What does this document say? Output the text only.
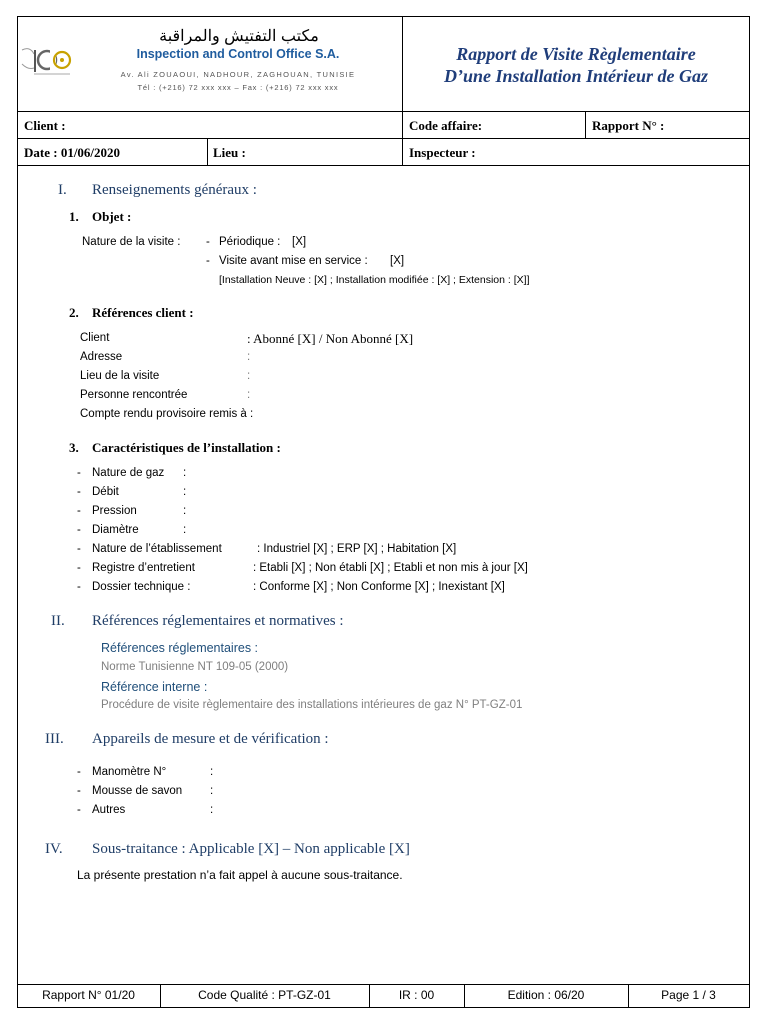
مكتب التفتيش والمراقبة
Inspection and Control Office S.A.
Av. Ali ZOUAOUI, NADHOUR, ZAGHOUAN, TUNISIE
Tél : (+216) 72 xxx xxx – Fax : (+216) 72 xxx xxx
Rapport de Visite Règlementaire
D’une Installation Intérieur de Gaz
Client :	Code affaire:	Rapport N° :
Date : 01/06/2020	Lieu :	Inspecteur :
I. Renseignements généraux :
1. Objet :
Nature de la visite : - Périodique : [X]
- Visite avant mise en service : [X]
[Installation Neuve : [X] ; Installation modifiée : [X] ; Extension : [X]]
2. Références client :
Client	: Abonné [X] / Non Abonné [X]
Adresse	:
Lieu de la visite	:
Personne rencontrée	:
Compte rendu provisoire remis à :
3. Caractéristiques de l’installation :
- Nature de gaz :
- Débit	:
- Pression	:
- Diamètre	:
- Nature de l’établissement	: Industriel [X] ; ERP [X] ; Habitation [X]
- Registre d’entretient	: Etabli [X] ; Non établi [X] ; Etabli et non mis à jour [X]
- Dossier technique :	: Conforme [X] ; Non Conforme [X] ; Inexistant [X]
II. Références réglementaires et normatives :
Références réglementaires :
Norme Tunisienne NT 109-05 (2000)
Référence interne :
Procédure de visite règlementaire des installations intérieures de gaz N° PT-GZ-01
III. Appareils de mesure et de vérification :
- Manomètre N°	:
- Mousse de savon :
- Autres	:
IV. Sous-traitance : Applicable [X] – Non applicable [X]
La présente prestation n’a fait appel à aucune sous-traitance.
Rapport N° 01/20	Code Qualité : PT-GZ-01	IR : 00	Edition : 06/20	Page 1 / 3
